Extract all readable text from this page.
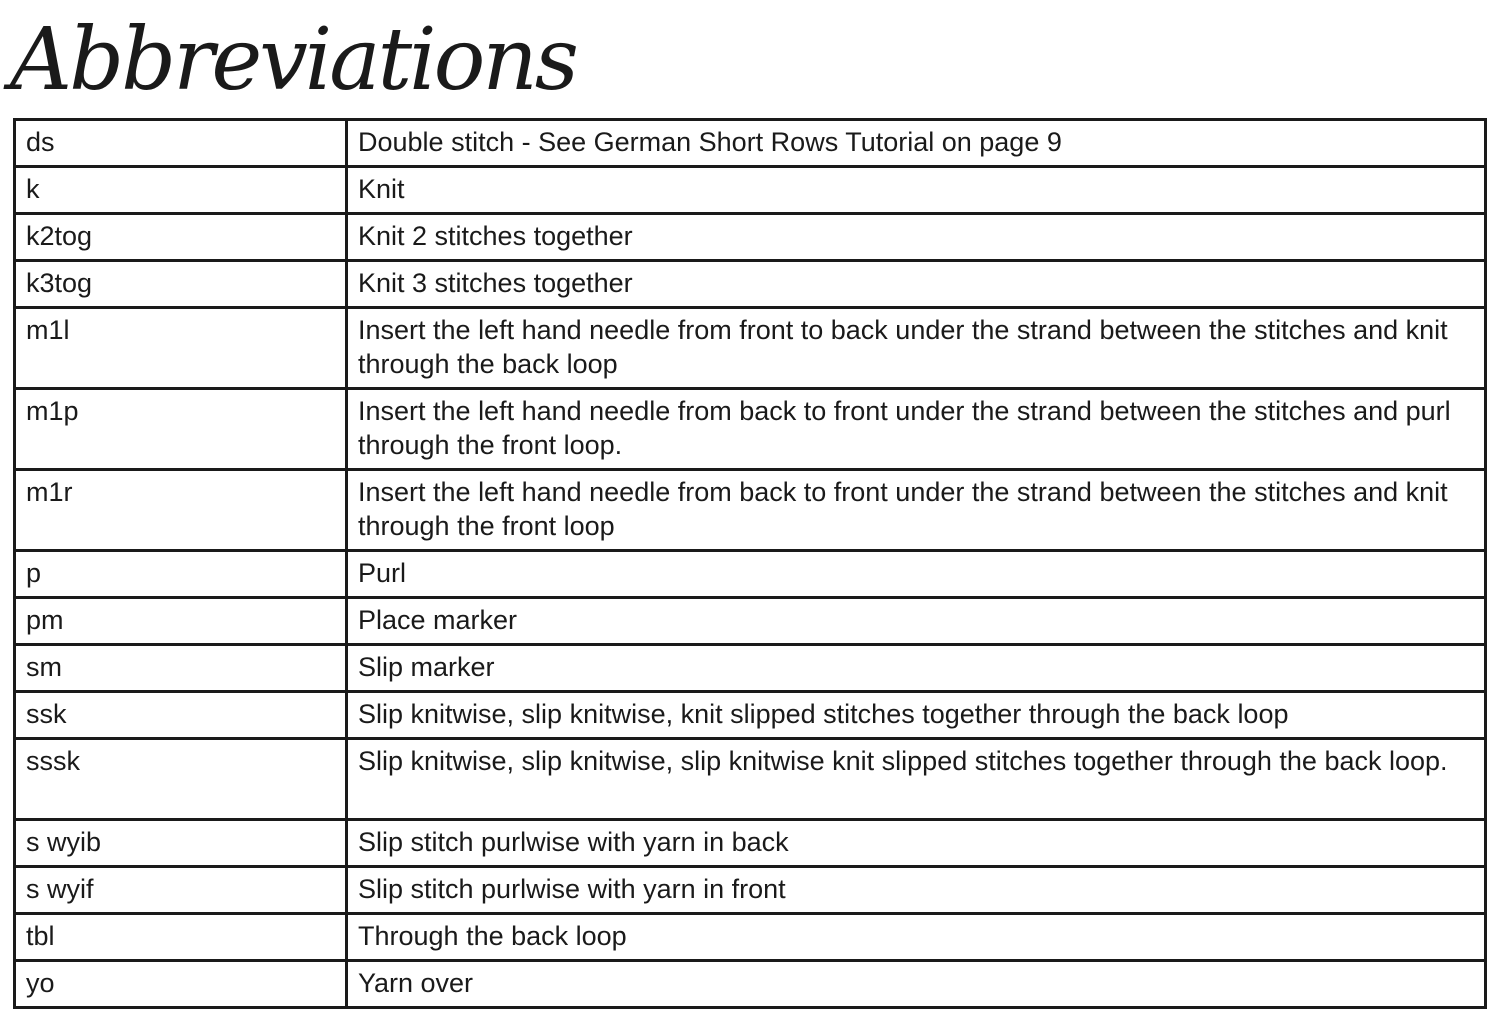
Abbreviations
ds	Double stitch - See German Short Rows Tutorial on page 9
k	Knit
k2tog	Knit 2 stitches together
k3tog	Knit 3 stitches together
m1l	Insert the left hand needle from front to back under the strand between the stitches and knit through the back loop
m1p	Insert the left hand needle from back to front under the strand between the stitches and purl through the front loop.
m1r	Insert the left hand needle from back to front under the strand between the stitches and knit through the front loop
p	Purl
pm	Place marker
sm	Slip marker
ssk	Slip knitwise, slip knitwise, knit slipped stitches together through the back loop
sssk	Slip knitwise, slip knitwise, slip knitwise knit slipped stitches together through the back loop.
s wyib	Slip stitch purlwise with yarn in back
s wyif	Slip stitch purlwise with yarn in front
tbl	Through the back loop
yo	Yarn over
